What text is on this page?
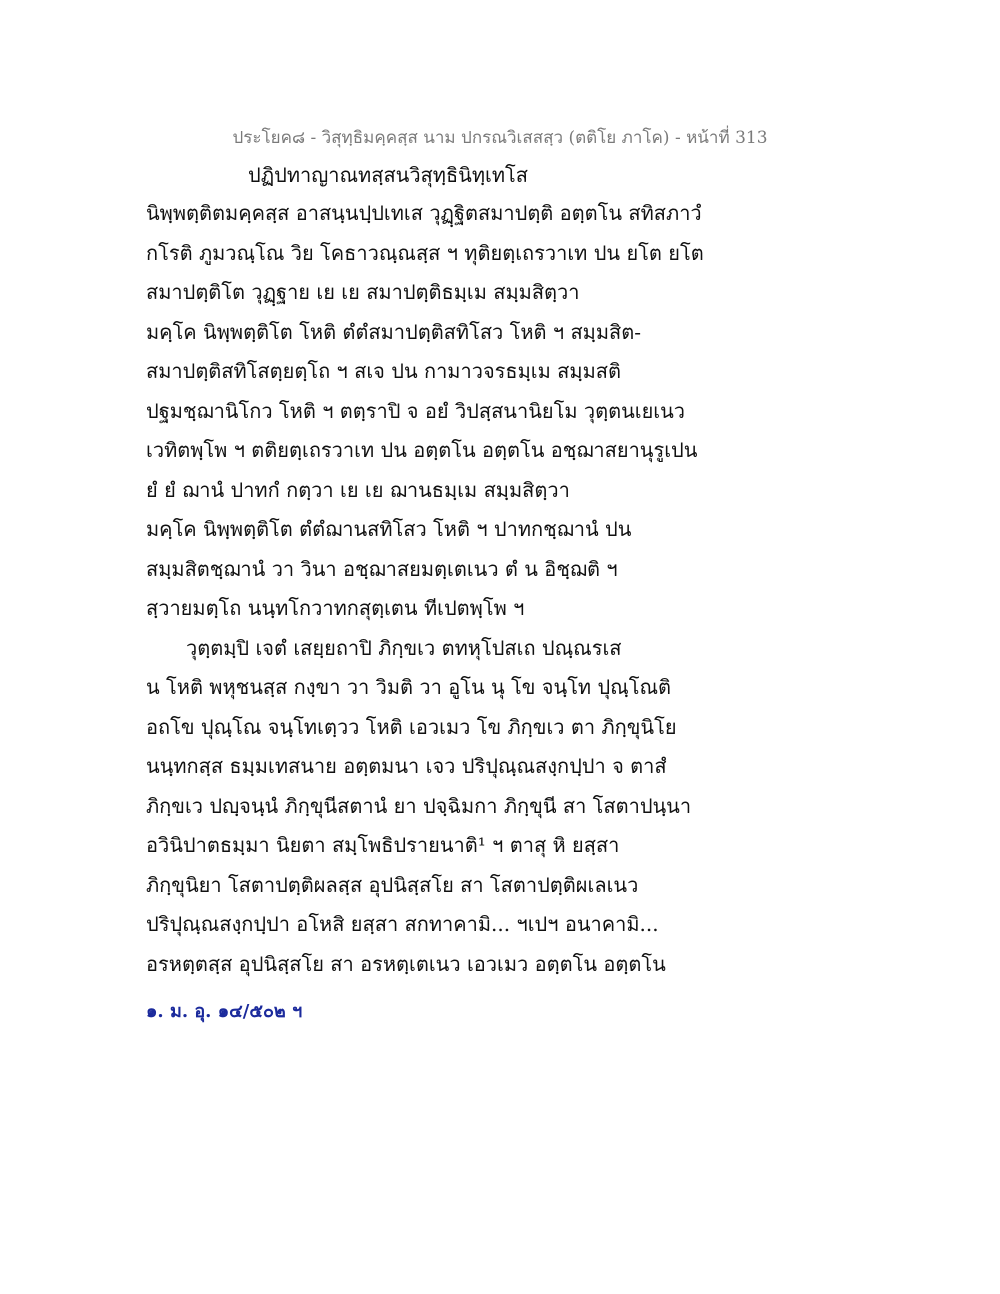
ประโยค๘ - วิสุทฺธิมคฺคสฺส นาม ปกรณวิเสสสฺว (ตติโย ภาโค) - หน้าที่ 313
ปฏิปทาญาณทสฺสนวิสุทฺธินิทฺเทโส
นิพฺพตฺติตมคฺคสฺส อาสนฺนปฺปเทเส วุฏฺฐิตสมาปตฺติ อตฺตโน สทิสภาวํ
กโรติ ภูมวณฺโณ วิย โคธาวณฺณสฺส ฯ ทุติยตฺเถรวาเท ปน ยโต ยโต
สมาปตฺติโต วุฏฺฐาย เย เย สมาปตฺติธมฺเม สมฺมสิตฺวา
มคฺโค นิพฺพตฺติโต โหติ ตํตํสมาปตฺติสทิโสว โหติ ฯ สมฺมสิต-
สมาปตฺติสทิโสตฺยตฺโถ ฯ สเจ ปน กามาวจรธมฺเม สมฺมสติ
ปฐมชฺฌานิโกว โหติ ฯ ตตฺราปิ จ อยํ วิปสฺสนานิยโม วุตฺตนเยเนว
เวทิตพฺโพ ฯ ตติยตฺเถรวาเท ปน อตฺตโน อตฺตโน อชฺฌาสยานุรูเปน
ยํ ยํ ฌานํ ปาทกํ กตฺวา เย เย ฌานธมฺเม สมฺมสิตฺวา
มคฺโค นิพฺพตฺติโต ตํตํฌานสทิโสว โหติ ฯ ปาทกชฺฌานํ ปน
สมฺมสิตชฺฌานํ วา วินา อชฺฌาสยมตฺเตเนว ตํ น อิชฺฌติ ฯ
สฺวายมตฺโถ นนฺทโกวาทกสุตฺเตน ทีเปตพฺโพ ฯ
วุตฺตมฺปิ เจตํ เสยฺยถาปิ ภิกฺขเว ตทหุโปสเถ ปณฺณรเส
น โหติ พหุชนสฺส กงฺขา วา วิมติ วา อูโน นุ โข จนฺโท ปุณฺโณติ
อถโข ปุณฺโณ จนฺโทเตฺวว โหติ เอวเมว โข ภิกฺขเว ตา ภิกฺขุนิโย
นนฺทกสฺส ธมฺมเทสนาย อตฺตมนา เจว ปริปุณฺณสงฺกปฺปา จ ตาสํ
ภิกฺขเว ปญฺจนฺนํ ภิกฺขุนีสตานํ ยา ปจฺฉิมกา ภิกฺขุนี สา โสตาปนฺนา
อวินิปาตธมฺมา นิยตา สมฺโพธิปรายนาติ¹ ฯ ตาสุ หิ ยสฺสา
ภิกฺขุนิยา โสตาปตฺติผลสฺส อุปนิสฺสโย สา โสตาปตฺติผเลเนว
ปริปุณฺณสงฺกปฺปา อโหสิ ยสฺสา สกทาคามิ... ฯเปฯ อนาคามิ...
อรหตฺตสฺส อุปนิสฺสโย สา อรหตฺเตเนว เอวเมว อตฺตโน อตฺตโน
๑. ม. อุ. ๑๔/๕๐๒ ฯ
